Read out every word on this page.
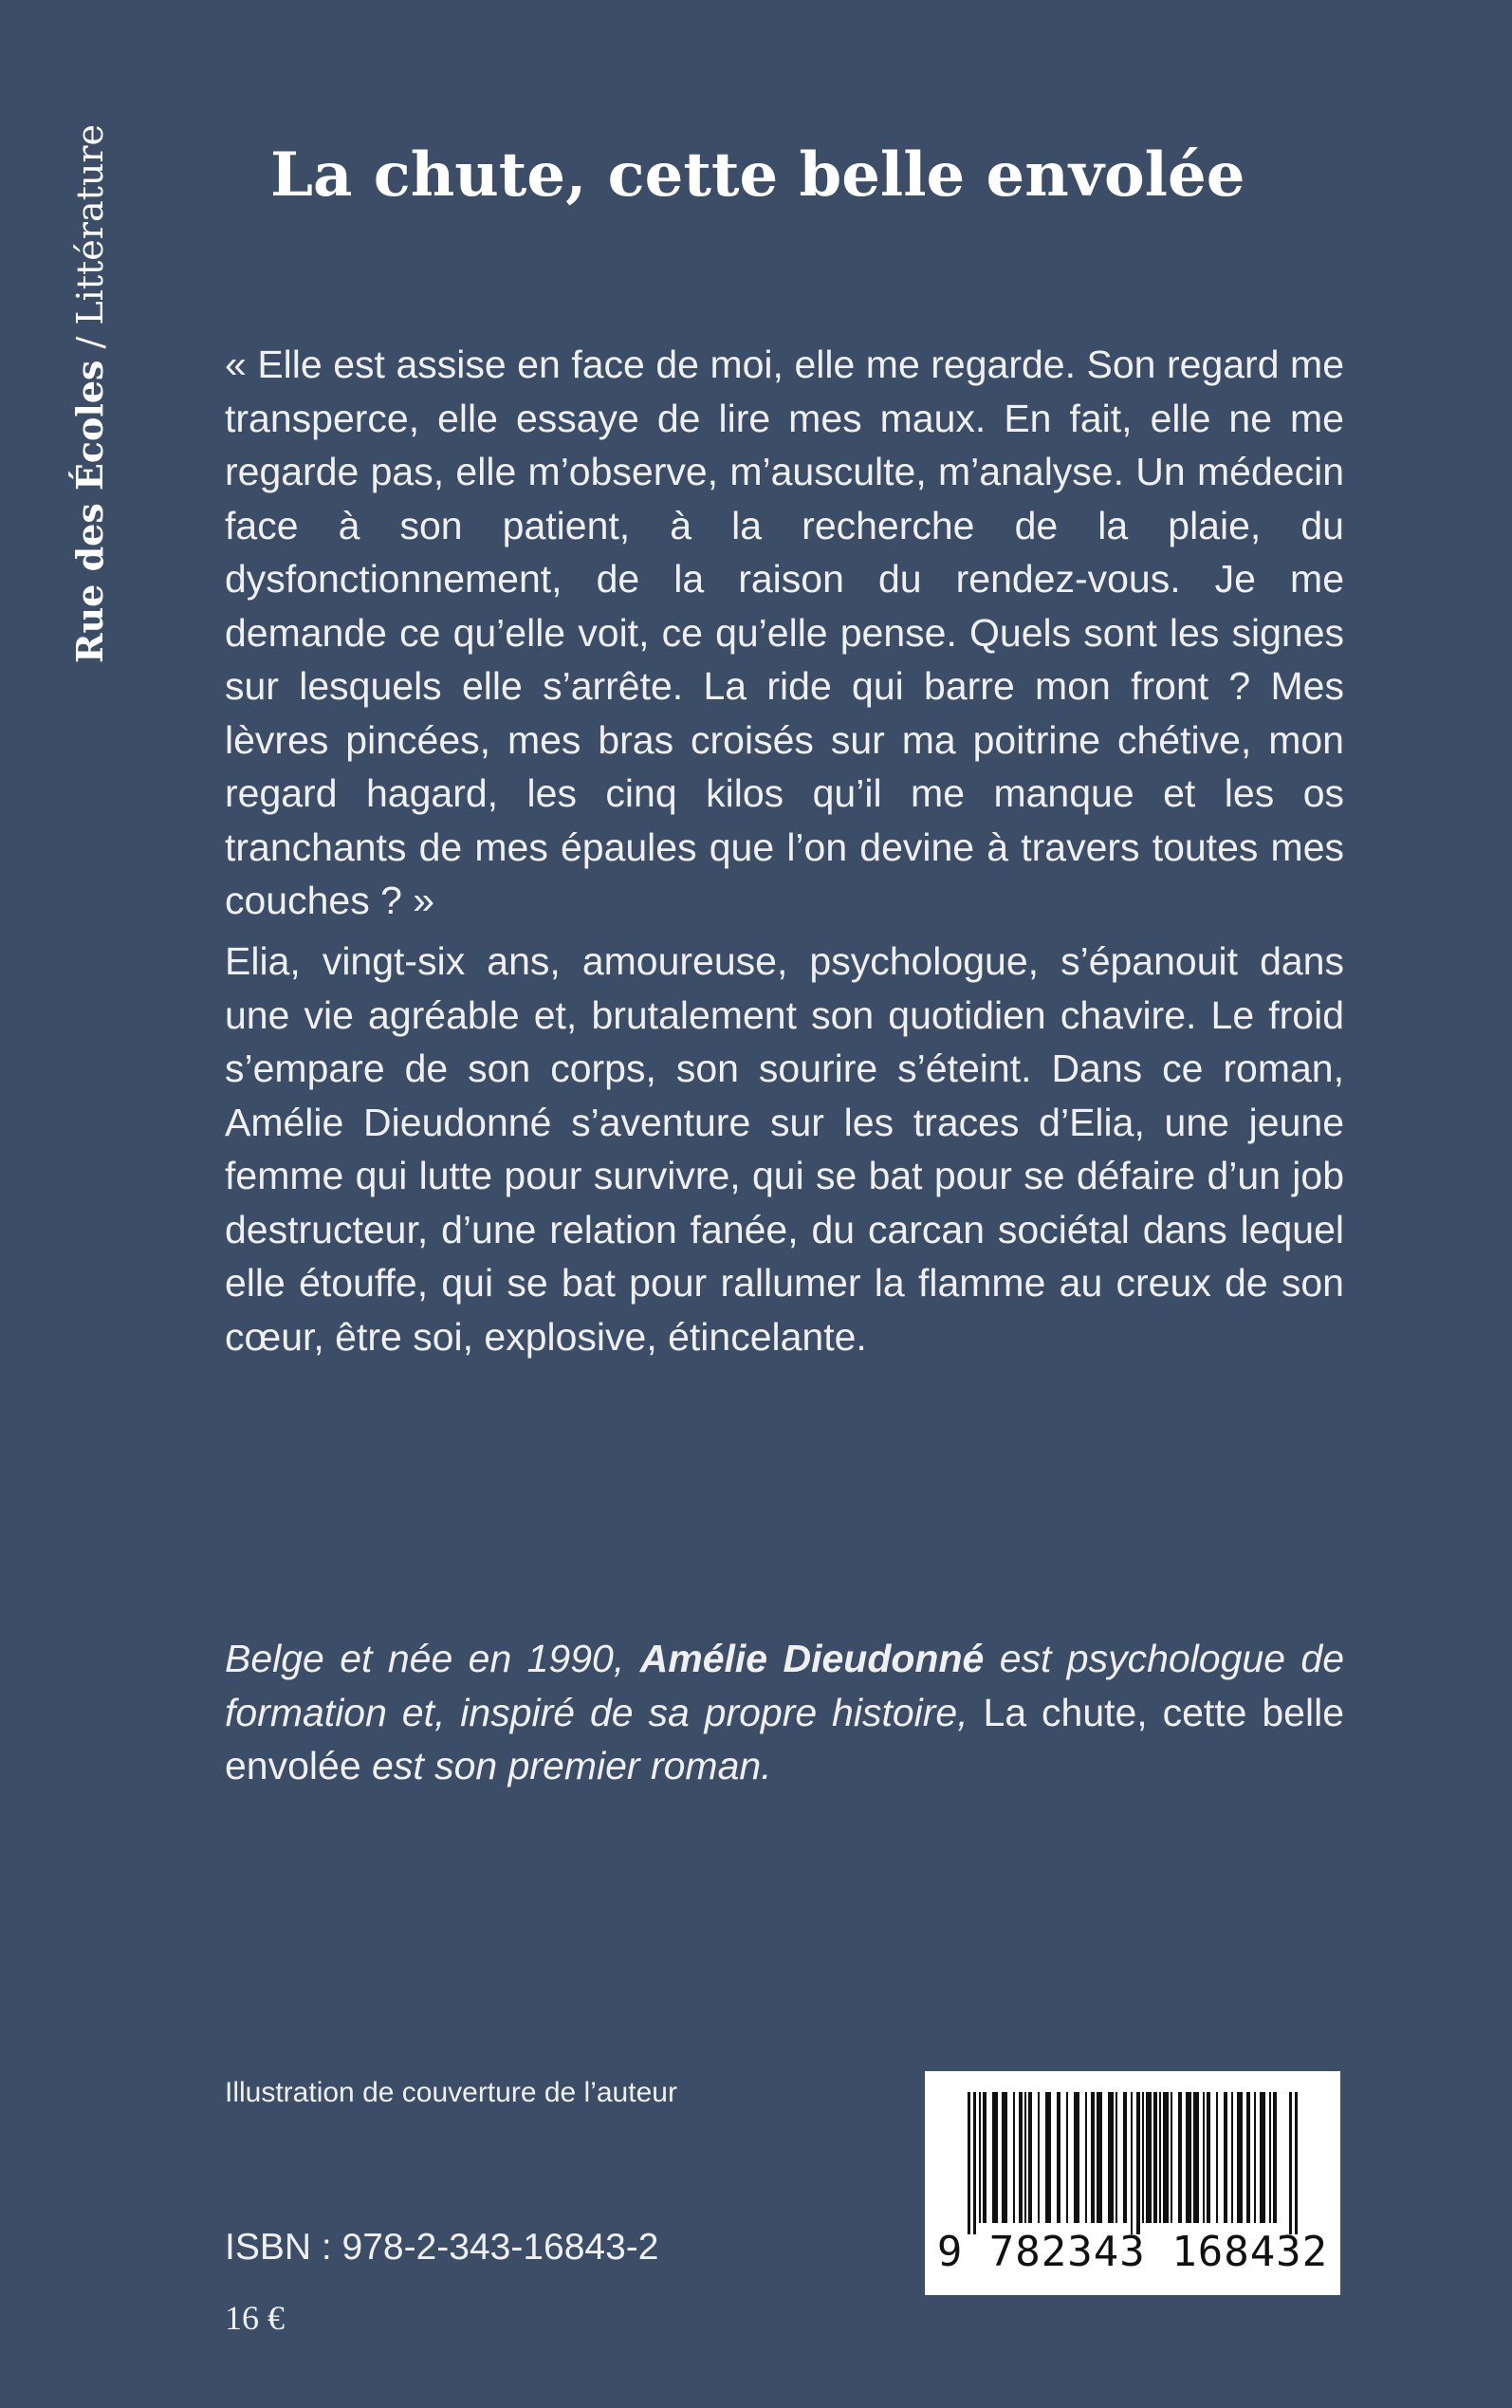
Rue des Écoles / Littérature	La chute, cette belle envolée

« Elle est assise en face de moi, elle me regarde. Son regard me transperce, elle essaye de lire mes maux. En fait, elle ne me regarde pas, elle m’observe, m’ausculte, m’analyse. Un médecin face à son patient, à la recherche de la plaie, du dysfonctionnement, de la raison du rendez-vous. Je me demande ce qu’elle voit, ce qu’elle pense. Quels sont les signes sur lesquels elle s’arrête. La ride qui barre mon front ? Mes lèvres pincées, mes bras croisés sur ma poitrine chétive, mon regard hagard, les cinq kilos qu’il me manque et les os tranchants de mes épaules que l’on devine à travers toutes mes couches ? »

Elia, vingt-six ans, amoureuse, psychologue, s’épanouit dans une vie agréable et, brutalement son quotidien chavire. Le froid s’empare de son corps, son sourire s’éteint. Dans ce roman, Amélie Dieudonné s’aventure sur les traces d’Elia, une jeune femme qui lutte pour survivre, qui se bat pour se défaire d’un job destructeur, d’une relation fanée, du carcan sociétal dans lequel elle étouffe, qui se bat pour rallumer la flamme au creux de son cœur, être soi, explosive, étincelante.

Belge et née en 1990, Amélie Dieudonné est psychologue de formation et, inspiré de sa propre histoire, La chute, cette belle envolée est son premier roman.

Illustration de couverture de l’auteur
ISBN : 978-2-343-16843-2
16 €
9 782343 168432
